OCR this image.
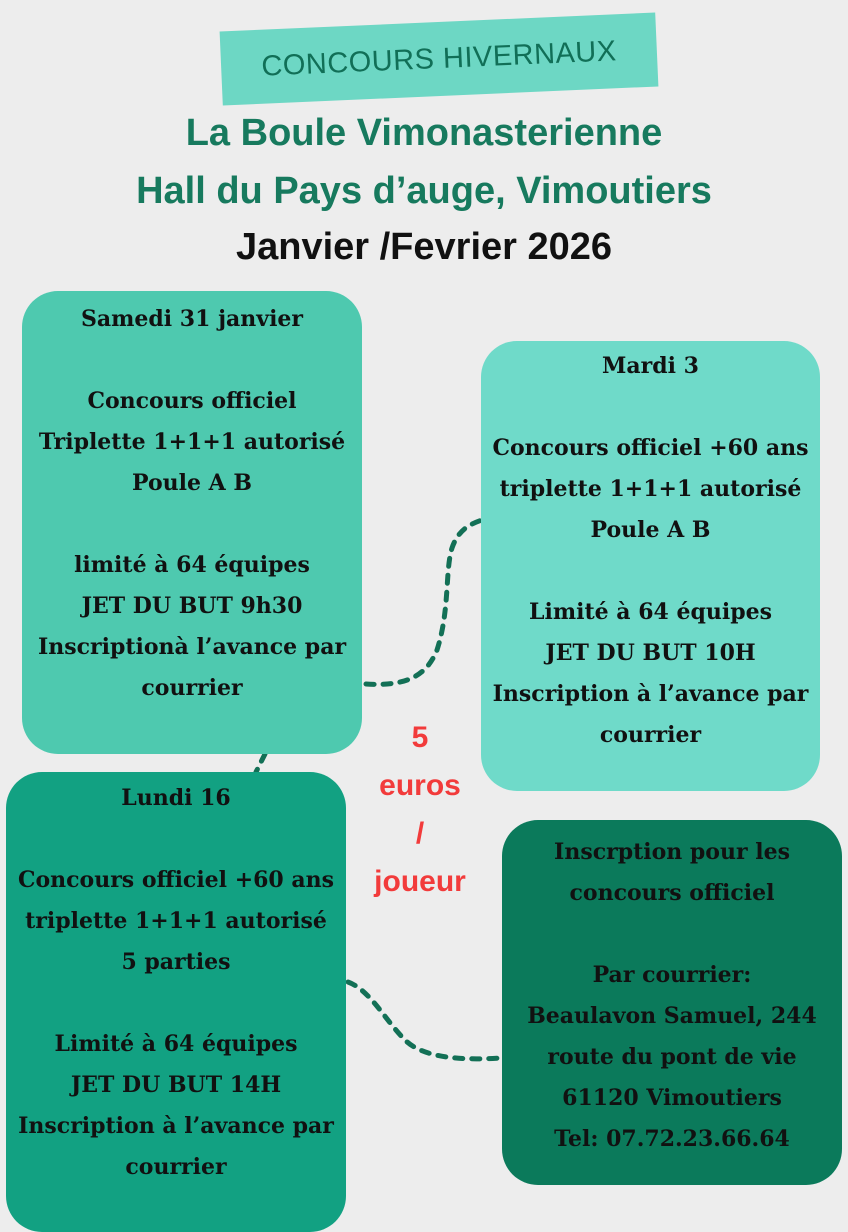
CONCOURS HIVERNAUX
La Boule Vimonasterienne
Hall du Pays d’auge, Vimoutiers
Janvier /Fevrier 2026
Samedi 31 janvier
Concours officiel
Triplette 1+1+1 autorisé
Poule A B
limité à 64 équipes
JET DU BUT 9h30
Inscriptionà l’avance par
courrier
Mardi 3
Concours officiel +60 ans
triplette 1+1+1 autorisé
Poule A B
Limité à 64 équipes
JET DU BUT 10H
Inscription à l’avance par
courrier
Lundi 16
Concours officiel +60 ans
triplette 1+1+1 autorisé
5 parties
Limité à 64 équipes
JET DU BUT 14H
Inscription à l’avance par
courrier
Inscrption pour les
concours officiel
Par courrier:
Beaulavon Samuel, 244
route du pont de vie
61120 Vimoutiers
Tel: 07.72.23.66.64
5
euros
/
joueur
